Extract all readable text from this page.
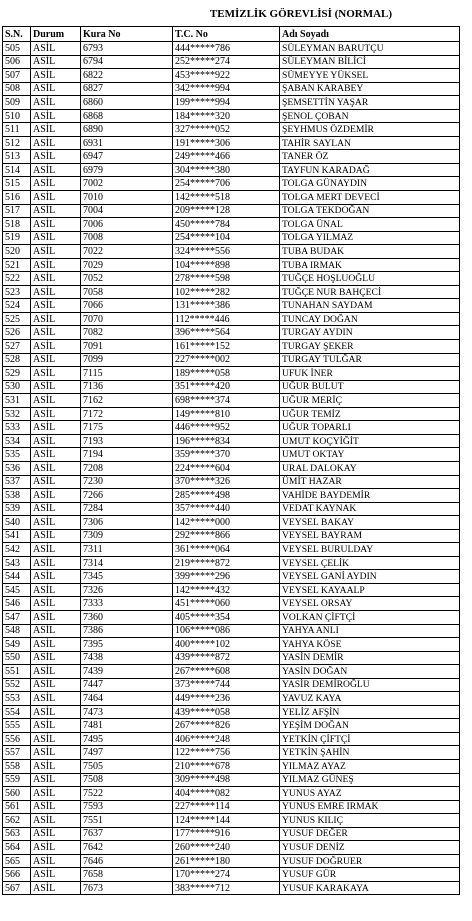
TEMİZLİK GÖREVLİSİ (NORMAL)
S.N.	Durum	Kura No	T.C. No	Adı Soyadı
505	ASİL	6793	444*****786	SÜLEYMAN BARUTÇU
506	ASİL	6794	252*****274	SÜLEYMAN BİLİCİ
507	ASİL	6822	453*****922	SÜMEYYE YÜKSEL
508	ASİL	6827	342*****994	ŞABAN KARABEY
509	ASİL	6860	199*****994	ŞEMSETTİN YAŞAR
510	ASİL	6868	184*****320	ŞENOL ÇOBAN
511	ASİL	6890	327*****052	ŞEYHMUS ÖZDEMİR
512	ASİL	6931	191*****306	TAHİR SAYLAN
513	ASİL	6947	249*****466	TANER ÖZ
514	ASİL	6979	304*****380	TAYFUN KARADAĞ
515	ASİL	7002	254*****706	TOLGA GÜNAYDIN
516	ASİL	7010	142*****518	TOLGA MERT DEVECİ
517	ASİL	7004	209*****128	TOLGA TEKDOĞAN
518	ASİL	7006	450*****784	TOLGA ÜNAL
519	ASİL	7008	254*****104	TOLGA YILMAZ
520	ASİL	7022	324*****556	TUBA BUDAK
521	ASİL	7029	104*****898	TUBA IRMAK
522	ASİL	7052	278*****598	TUĞÇE HOŞLUOĞLU
523	ASİL	7058	102*****282	TUĞÇE NUR BAHÇECİ
524	ASİL	7066	131*****386	TUNAHAN SAYDAM
525	ASİL	7070	112*****446	TUNCAY DOĞAN
526	ASİL	7082	396*****564	TURGAY AYDIN
527	ASİL	7091	161*****152	TURGAY ŞEKER
528	ASİL	7099	227*****002	TURGAY TULĞAR
529	ASİL	7115	189*****058	UFUK İNER
530	ASİL	7136	351*****420	UĞUR BULUT
531	ASİL	7162	698*****374	UĞUR MERİÇ
532	ASİL	7172	149*****810	UĞUR TEMİZ
533	ASİL	7175	446*****952	UĞUR TOPARLI
534	ASİL	7193	196*****834	UMUT KOÇYİĞİT
535	ASİL	7194	359*****370	UMUT OKTAY
536	ASİL	7208	224*****604	URAL DALOKAY
537	ASİL	7230	370*****326	ÜMİT HAZAR
538	ASİL	7266	285*****498	VAHİDE BAYDEMİR
539	ASİL	7284	357*****440	VEDAT KAYNAK
540	ASİL	7306	142*****000	VEYSEL BAKAY
541	ASİL	7309	292*****866	VEYSEL BAYRAM
542	ASİL	7311	361*****064	VEYSEL BURULDAY
543	ASİL	7314	219*****872	VEYSEL ÇELİK
544	ASİL	7345	399*****296	VEYSEL GANİ AYDIN
545	ASİL	7326	142*****432	VEYSEL KAYAALP
546	ASİL	7333	451*****060	VEYSEL ORSAY
547	ASİL	7360	405*****354	VOLKAN ÇİFTÇİ
548	ASİL	7386	106*****086	YAHYA ANLI
549	ASİL	7395	400*****102	YAHYA KÖSE
550	ASİL	7438	439*****872	YASİN DEMİR
551	ASİL	7439	267*****608	YASİN DOĞAN
552	ASİL	7447	373*****744	YASİR DEMİROĞLU
553	ASİL	7464	449*****236	YAVUZ KAYA
554	ASİL	7473	439*****058	YELİZ AFŞİN
555	ASİL	7481	267*****826	YEŞİM DOĞAN
556	ASİL	7495	406*****248	YETKİN ÇİFTÇİ
557	ASİL	7497	122*****756	YETKİN ŞAHİN
558	ASİL	7505	210*****678	YILMAZ AYAZ
559	ASİL	7508	309*****498	YILMAZ GÜNEŞ
560	ASİL	7522	404*****082	YUNUS AYAZ
561	ASİL	7593	227*****114	YUNUS EMRE IRMAK
562	ASİL	7551	124*****144	YUNUS KILIÇ
563	ASİL	7637	177*****916	YUSUF DEĞER
564	ASİL	7642	260*****240	YUSUF DENİZ
565	ASİL	7646	261*****180	YUSUF DOĞRUER
566	ASİL	7658	170*****274	YUSUF GÜR
567	ASİL	7673	383*****712	YUSUF KARAKAYA
